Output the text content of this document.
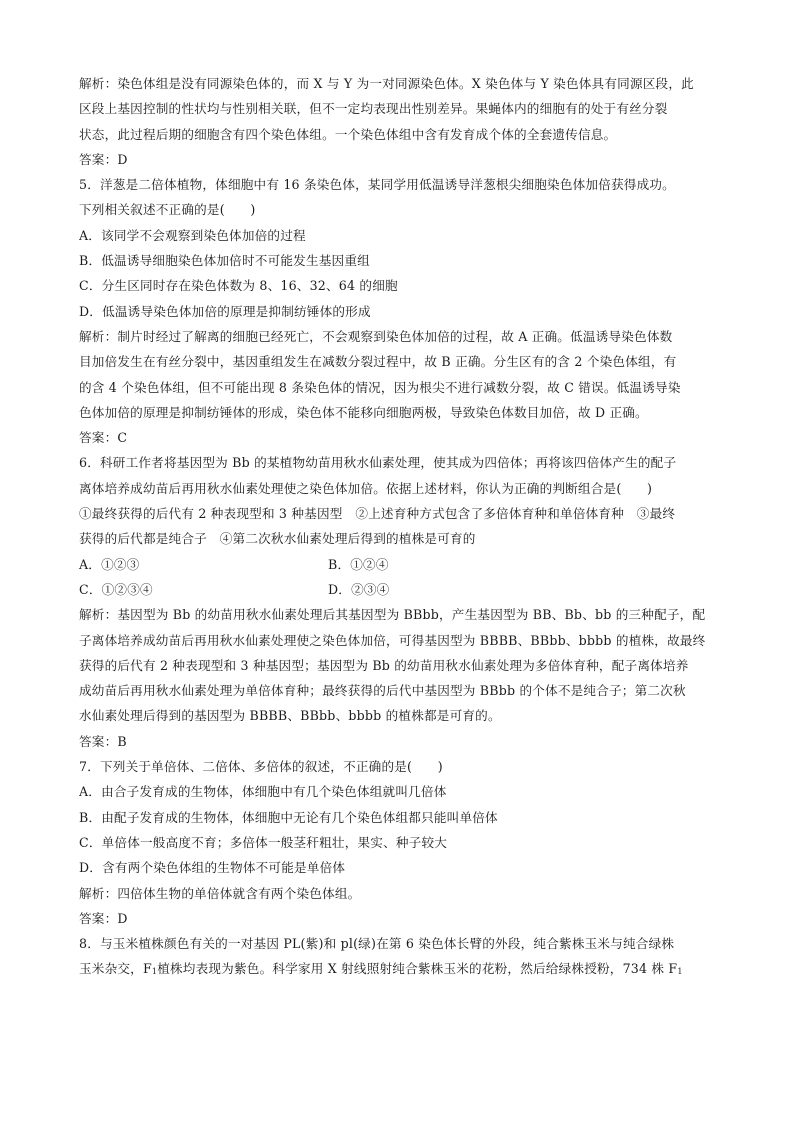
解析：染色体组是没有同源染色体的，而 X 与 Y 为一对同源染色体。X 染色体与 Y 染色体具有同源区段，此
区段上基因控制的性状均与性别相关联，但不一定均表现出性别差异。果蝇体内的细胞有的处于有丝分裂
状态，此过程后期的细胞含有四个染色体组。一个染色体组中含有发育成个体的全套遗传信息。
答案：D
5．洋葱是二倍体植物，体细胞中有 16 条染色体，某同学用低温诱导洋葱根尖细胞染色体加倍获得成功。
下列相关叙述不正确的是(　　)
A．该同学不会观察到染色体加倍的过程
B．低温诱导细胞染色体加倍时不可能发生基因重组
C．分生区同时存在染色体数为 8、16、32、64 的细胞
D．低温诱导染色体加倍的原理是抑制纺锤体的形成
解析：制片时经过了解离的细胞已经死亡，不会观察到染色体加倍的过程，故 A 正确。低温诱导染色体数
目加倍发生在有丝分裂中，基因重组发生在减数分裂过程中，故 B 正确。分生区有的含 2 个染色体组，有
的含 4 个染色体组，但不可能出现 8 条染色体的情况，因为根尖不进行减数分裂，故 C 错误。低温诱导染
色体加倍的原理是抑制纺锤体的形成，染色体不能移向细胞两极，导致染色体数目加倍，故 D 正确。
答案：C
6．科研工作者将基因型为 Bb 的某植物幼苗用秋水仙素处理，使其成为四倍体；再将该四倍体产生的配子
离体培养成幼苗后再用秋水仙素处理使之染色体加倍。依据上述材料，你认为正确的判断组合是(　　)
①最终获得的后代有 2 种表现型和 3 种基因型　②上述育种方式包含了多倍体育种和单倍体育种　③最终
获得的后代都是纯合子　④第二次秋水仙素处理后得到的植株是可育的
A．①②③	B．①②④
C．①②③④	D．②③④
解析：基因型为 Bb 的幼苗用秋水仙素处理后其基因型为 BBbb，产生基因型为 BB、Bb、bb 的三种配子，配
子离体培养成幼苗后再用秋水仙素处理使之染色体加倍，可得基因型为 BBBB、BBbb、bbbb 的植株，故最终
获得的后代有 2 种表现型和 3 种基因型；基因型为 Bb 的幼苗用秋水仙素处理为多倍体育种，配子离体培养
成幼苗后再用秋水仙素处理为单倍体育种；最终获得的后代中基因型为 BBbb 的个体不是纯合子；第二次秋
水仙素处理后得到的基因型为 BBBB、BBbb、bbbb 的植株都是可育的。
答案：B
7．下列关于单倍体、二倍体、多倍体的叙述，不正确的是(　　)
A．由合子发育成的生物体，体细胞中有几个染色体组就叫几倍体
B．由配子发育成的生物体，体细胞中无论有几个染色体组都只能叫单倍体
C．单倍体一般高度不育；多倍体一般茎秆粗壮，果实、种子较大
D．含有两个染色体组的生物体不可能是单倍体
解析：四倍体生物的单倍体就含有两个染色体组。
答案：D
8．与玉米植株颜色有关的一对基因 PL(紫)和 pl(绿)在第 6 染色体长臂的外段，纯合紫株玉米与纯合绿株
玉米杂交，$F_1$植株均表现为紫色。科学家用 X 射线照射纯合紫株玉米的花粉，然后给绿株授粉，734 株 $F_1$
